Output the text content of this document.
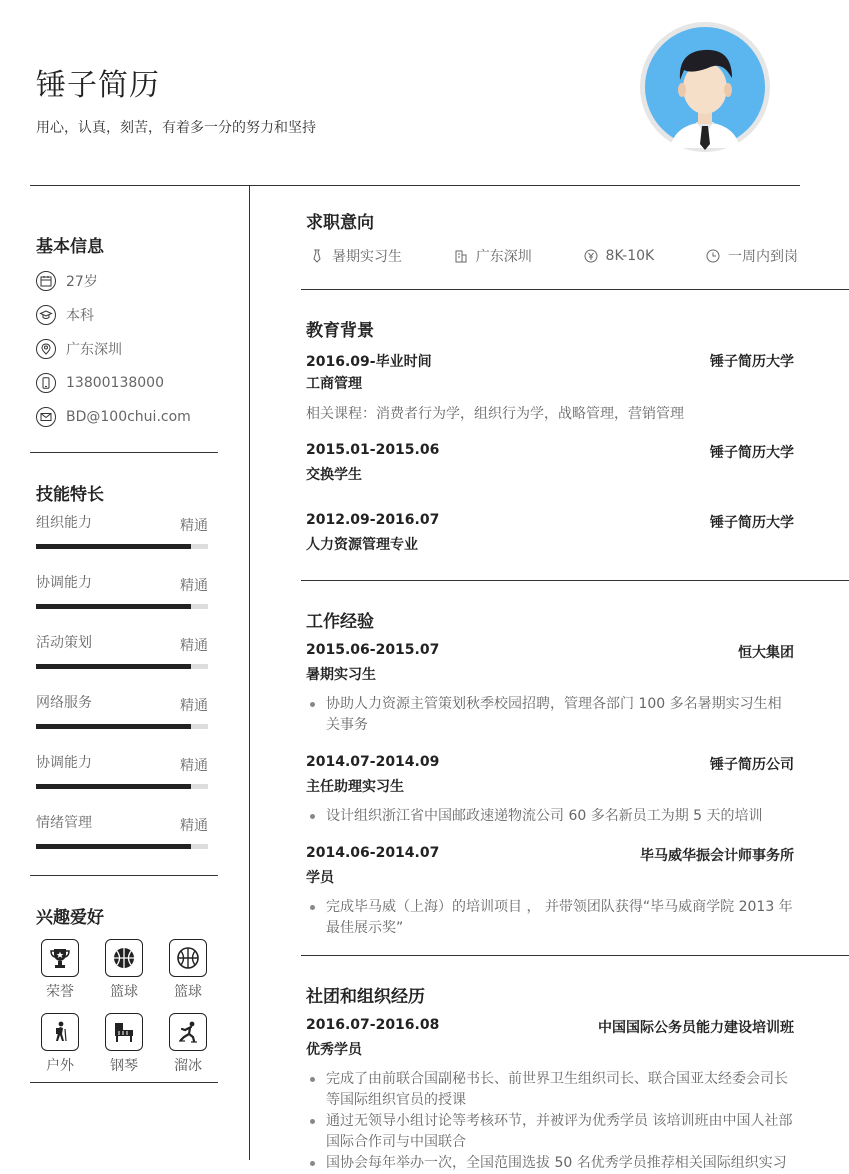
锤子简历
用心，认真，刻苦，有着多一分的努力和坚持
基本信息
27岁
本科
广东深圳
13800138000
BD@100chui.com
技能特长
组织能力	精通
协调能力	精通
活动策划	精通
网络服务	精通
协调能力	精通
情绪管理	精通
兴趣爱好
荣誉	篮球	篮球
户外	钢琴	溜冰
求职意向
暑期实习生	广东深圳	8K-10K	一周内到岗
教育背景
2016.09-毕业时间	锤子简历大学
工商管理
相关课程：消费者行为学，组织行为学，战略管理，营销管理
2015.01-2015.06	锤子简历大学
交换学生
2012.09-2016.07	锤子简历大学
人力资源管理专业
工作经验
2015.06-2015.07	恒大集团
暑期实习生
协助人力资源主管策划秋季校园招聘，管理各部门 100 多名暑期实习生相关事务
2014.07-2014.09	锤子简历公司
主任助理实习生
设计组织浙江省中国邮政速递物流公司 60 多名新员工为期 5 天的培训
2014.06-2014.07	毕马威华振会计师事务所
学员
完成毕马威（上海）的培训项目 ， 并带领团队获得“毕马威商学院 2013 年最佳展示奖”
社团和组织经历
2016.07-2016.08	中国国际公务员能力建设培训班
优秀学员
完成了由前联合国副秘书长、前世界卫生组织司长、联合国亚太经委会司长等国际组织官员的授课
通过无领导小组讨论等考核环节，并被评为优秀学员 该培训班由中国人社部国际合作司与中国联合
国协会每年举办一次，全国范围选拔 50 名优秀学员推荐相关国际组织实习
